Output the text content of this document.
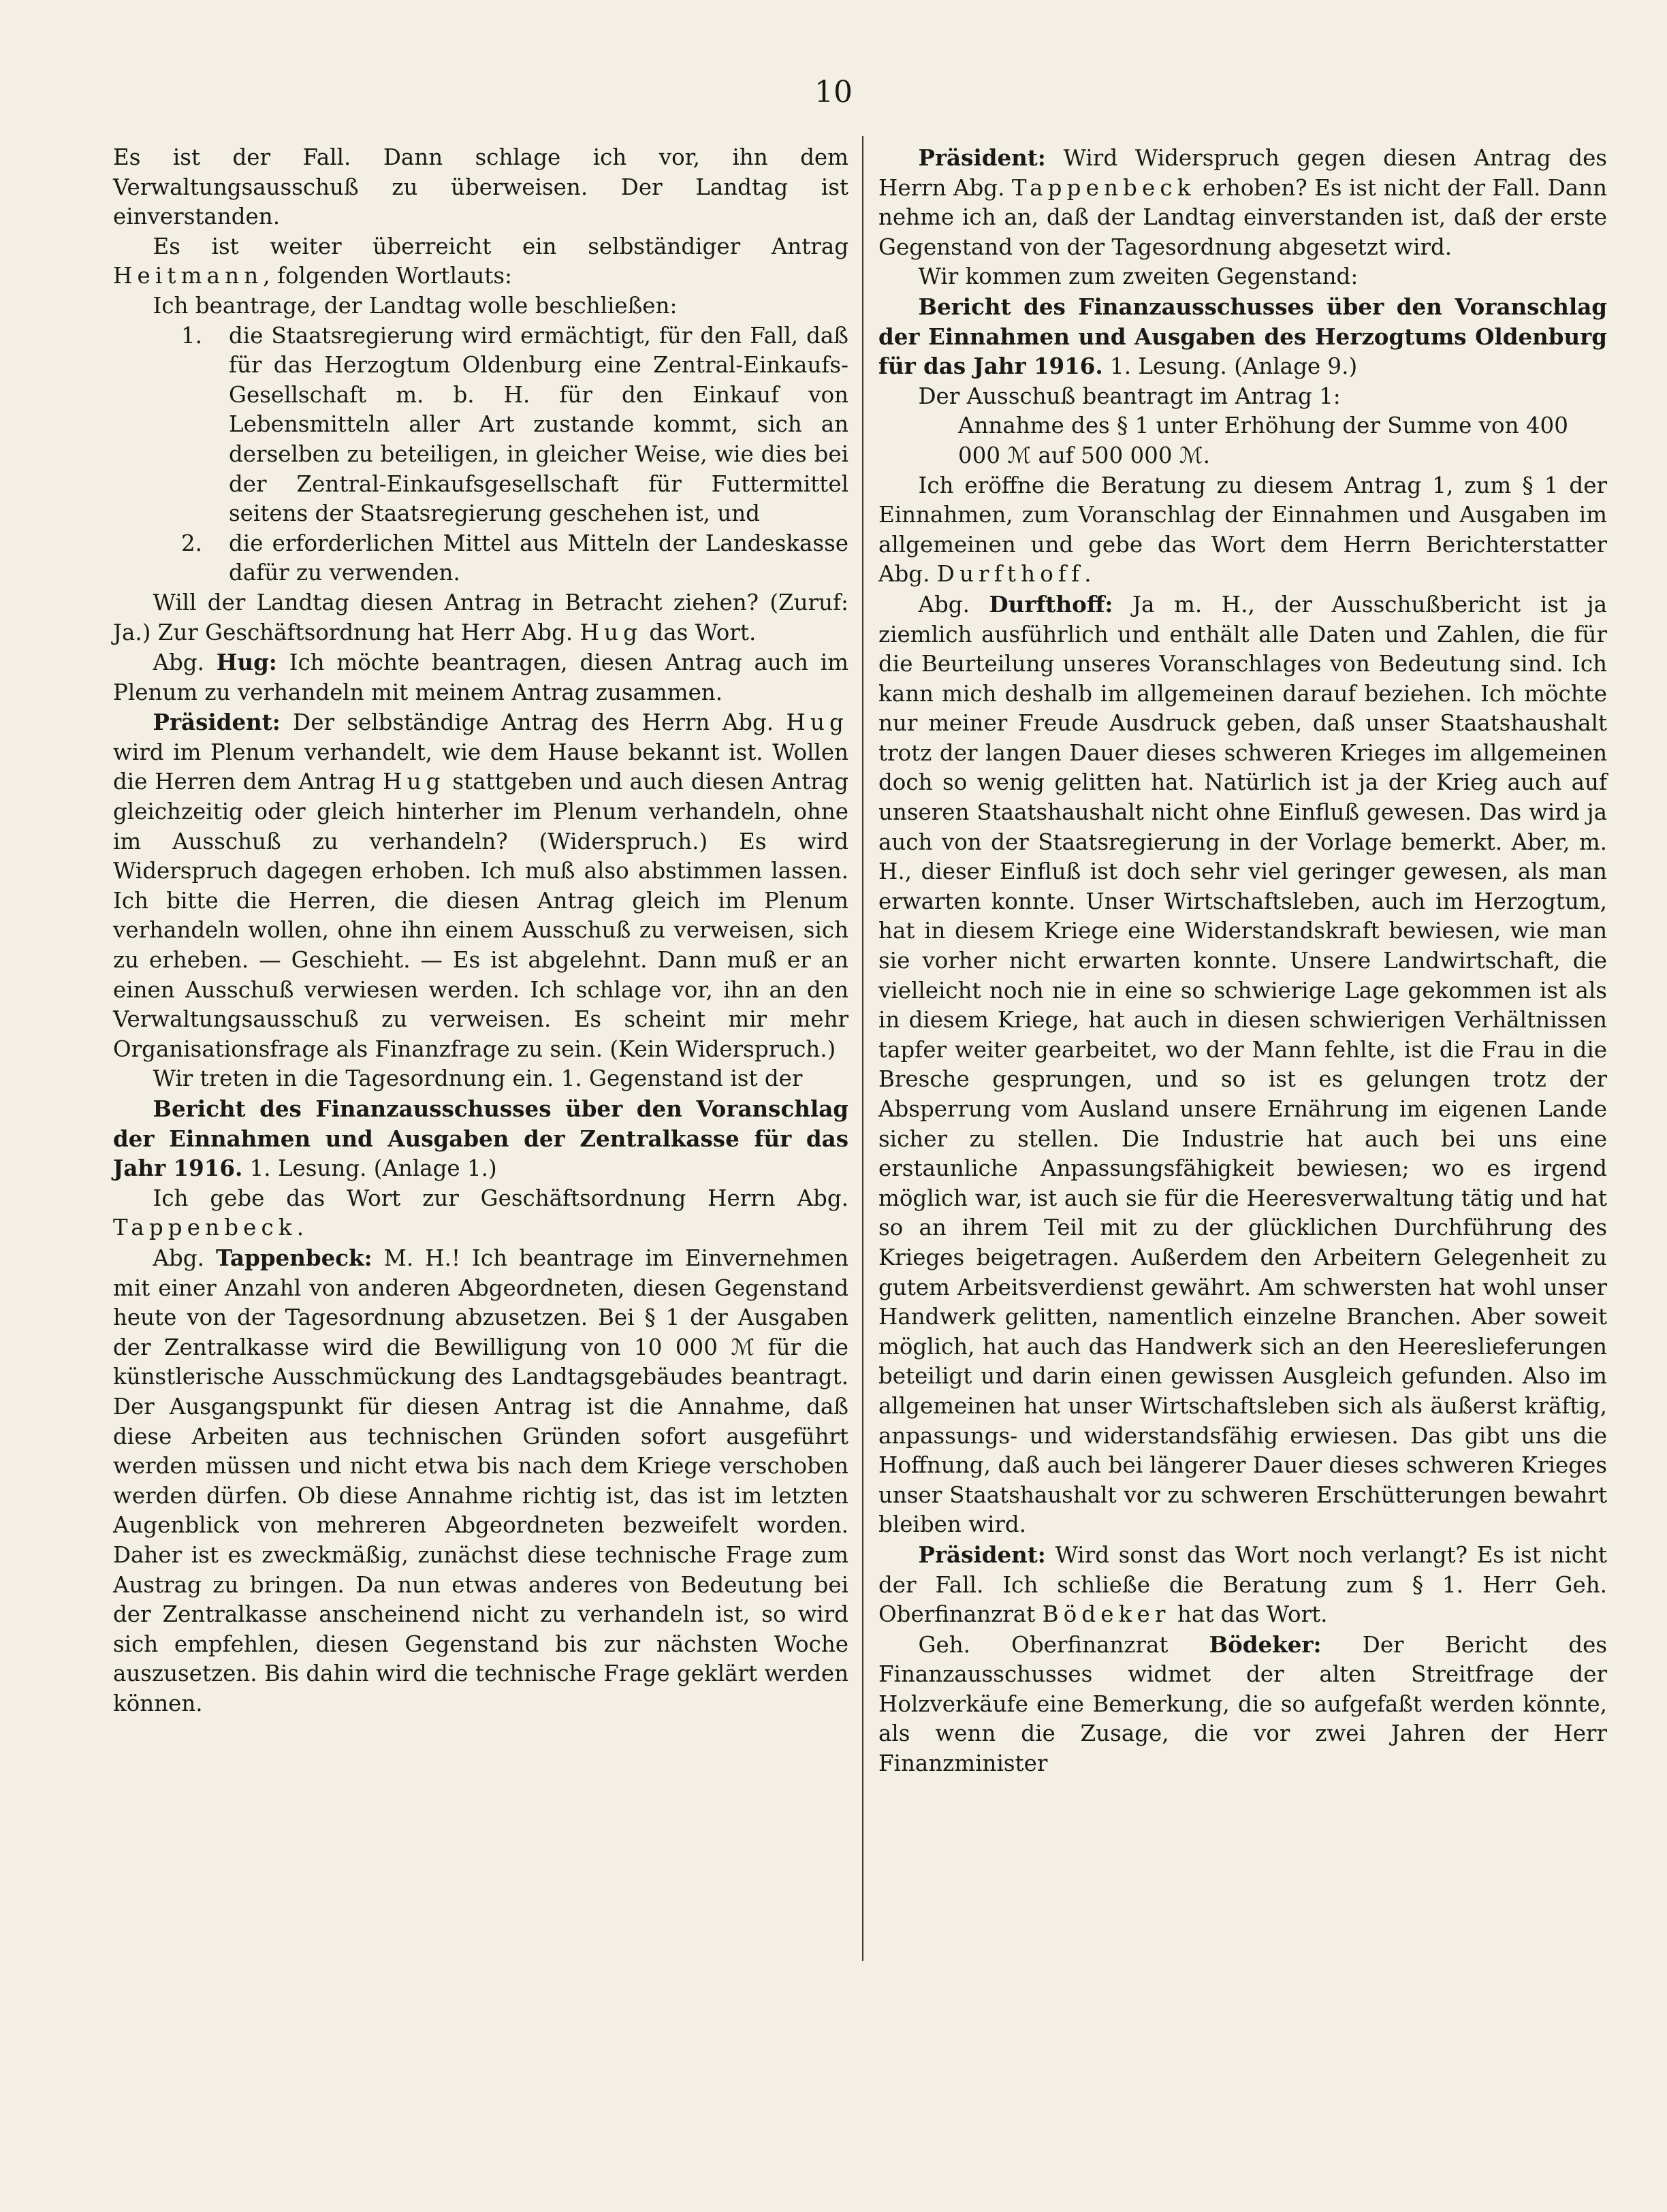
10

Es ist der Fall. Dann schlage ich vor, ihn dem Verwaltungsausschuß zu überweisen. Der Landtag ist einverstanden.

Es ist weiter überreicht ein selbständiger Antrag Heitmann, folgenden Wortlauts:

Ich beantrage, der Landtag wolle beschließen:

1.	die Staatsregierung wird ermächtigt, für den Fall, daß für das Herzogtum Oldenburg eine Zentral-Einkaufs-Gesellschaft m. b. H. für den Einkauf von Lebensmitteln aller Art zustande kommt, sich an derselben zu beteiligen, in gleicher Weise, wie dies bei der Zentral-Einkaufsgesellschaft für Futtermittel seitens der Staatsregierung geschehen ist, und
2.	die erforderlichen Mittel aus Mitteln der Landeskasse dafür zu verwenden.

Will der Landtag diesen Antrag in Betracht ziehen? (Zuruf: Ja.) Zur Geschäftsordnung hat Herr Abg. Hug das Wort.

Abg. Hug: Ich möchte beantragen, diesen Antrag auch im Plenum zu verhandeln mit meinem Antrag zusammen.

Präsident: Der selbständige Antrag des Herrn Abg. Hug wird im Plenum verhandelt, wie dem Hause bekannt ist. Wollen die Herren dem Antrag Hug stattgeben und auch diesen Antrag gleichzeitig oder gleich hinterher im Plenum verhandeln, ohne im Ausschuß zu verhandeln? (Widerspruch.) Es wird Widerspruch dagegen erhoben. Ich muß also abstimmen lassen. Ich bitte die Herren, die diesen Antrag gleich im Plenum verhandeln wollen, ohne ihn einem Ausschuß zu verweisen, sich zu erheben. — Geschieht. — Es ist abgelehnt. Dann muß er an einen Ausschuß verwiesen werden. Ich schlage vor, ihn an den Verwaltungsausschuß zu verweisen. Es scheint mir mehr Organisationsfrage als Finanzfrage zu sein. (Kein Widerspruch.)

Wir treten in die Tagesordnung ein. 1. Gegenstand ist der

Bericht des Finanzausschusses über den Voranschlag der Einnahmen und Ausgaben der Zentralkasse für das Jahr 1916. 1. Lesung. (Anlage 1.)

Ich gebe das Wort zur Geschäftsordnung Herrn Abg. Tappenbeck.

Abg. Tappenbeck: M. H.! Ich beantrage im Einvernehmen mit einer Anzahl von anderen Abgeordneten, diesen Gegenstand heute von der Tagesordnung abzusetzen. Bei § 1 der Ausgaben der Zentralkasse wird die Bewilligung von 10 000 ℳ für die künstlerische Ausschmückung des Landtagsgebäudes beantragt. Der Ausgangspunkt für diesen Antrag ist die Annahme, daß diese Arbeiten aus technischen Gründen sofort ausgeführt werden müssen und nicht etwa bis nach dem Kriege verschoben werden dürfen. Ob diese Annahme richtig ist, das ist im letzten Augenblick von mehreren Abgeordneten bezweifelt worden. Daher ist es zweckmäßig, zunächst diese technische Frage zum Austrag zu bringen. Da nun etwas anderes von Bedeutung bei der Zentralkasse anscheinend nicht zu verhandeln ist, so wird sich empfehlen, diesen Gegenstand bis zur nächsten Woche auszusetzen. Bis dahin wird die technische Frage geklärt werden können.

Präsident: Wird Widerspruch gegen diesen Antrag des Herrn Abg. Tappenbeck erhoben? Es ist nicht der Fall. Dann nehme ich an, daß der Landtag einverstanden ist, daß der erste Gegenstand von der Tagesordnung abgesetzt wird.

Wir kommen zum zweiten Gegenstand:

Bericht des Finanzausschusses über den Voranschlag der Einnahmen und Ausgaben des Herzogtums Oldenburg für das Jahr 1916. 1. Lesung. (Anlage 9.)

Der Ausschuß beantragt im Antrag 1:

Annahme des § 1 unter Erhöhung der Summe von 400 000 ℳ auf 500 000 ℳ.

Ich eröffne die Beratung zu diesem Antrag 1, zum § 1 der Einnahmen, zum Voranschlag der Einnahmen und Ausgaben im allgemeinen und gebe das Wort dem Herrn Berichterstatter Abg. Durfthoff.

Abg. Durfthoff: Ja m. H., der Ausschußbericht ist ja ziemlich ausführlich und enthält alle Daten und Zahlen, die für die Beurteilung unseres Voranschlages von Bedeutung sind. Ich kann mich deshalb im allgemeinen darauf beziehen. Ich möchte nur meiner Freude Ausdruck geben, daß unser Staatshaushalt trotz der langen Dauer dieses schweren Krieges im allgemeinen doch so wenig gelitten hat. Natürlich ist ja der Krieg auch auf unseren Staatshaushalt nicht ohne Einfluß gewesen. Das wird ja auch von der Staatsregierung in der Vorlage bemerkt. Aber, m. H., dieser Einfluß ist doch sehr viel geringer gewesen, als man erwarten konnte. Unser Wirtschaftsleben, auch im Herzogtum, hat in diesem Kriege eine Widerstandskraft bewiesen, wie man sie vorher nicht erwarten konnte. Unsere Landwirtschaft, die vielleicht noch nie in eine so schwierige Lage gekommen ist als in diesem Kriege, hat auch in diesen schwierigen Verhältnissen tapfer weiter gearbeitet, wo der Mann fehlte, ist die Frau in die Bresche gesprungen, und so ist es gelungen trotz der Absperrung vom Ausland unsere Ernährung im eigenen Lande sicher zu stellen. Die Industrie hat auch bei uns eine erstaunliche Anpassungsfähigkeit bewiesen; wo es irgend möglich war, ist auch sie für die Heeresverwaltung tätig und hat so an ihrem Teil mit zu der glücklichen Durchführung des Krieges beigetragen. Außerdem den Arbeitern Gelegenheit zu gutem Arbeitsverdienst gewährt. Am schwersten hat wohl unser Handwerk gelitten, namentlich einzelne Branchen. Aber soweit möglich, hat auch das Handwerk sich an den Heereslieferungen beteiligt und darin einen gewissen Ausgleich gefunden. Also im allgemeinen hat unser Wirtschaftsleben sich als äußerst kräftig, anpassungs- und widerstandsfähig erwiesen. Das gibt uns die Hoffnung, daß auch bei längerer Dauer dieses schweren Krieges unser Staatshaushalt vor zu schweren Erschütterungen bewahrt bleiben wird.

Präsident: Wird sonst das Wort noch verlangt? Es ist nicht der Fall. Ich schließe die Beratung zum § 1. Herr Geh. Oberfinanzrat Bödeker hat das Wort.

Geh. Oberfinanzrat Bödeker: Der Bericht des Finanzausschusses widmet der alten Streitfrage der Holzverkäufe eine Bemerkung, die so aufgefaßt werden könnte, als wenn die Zusage, die vor zwei Jahren der Herr Finanzminister
